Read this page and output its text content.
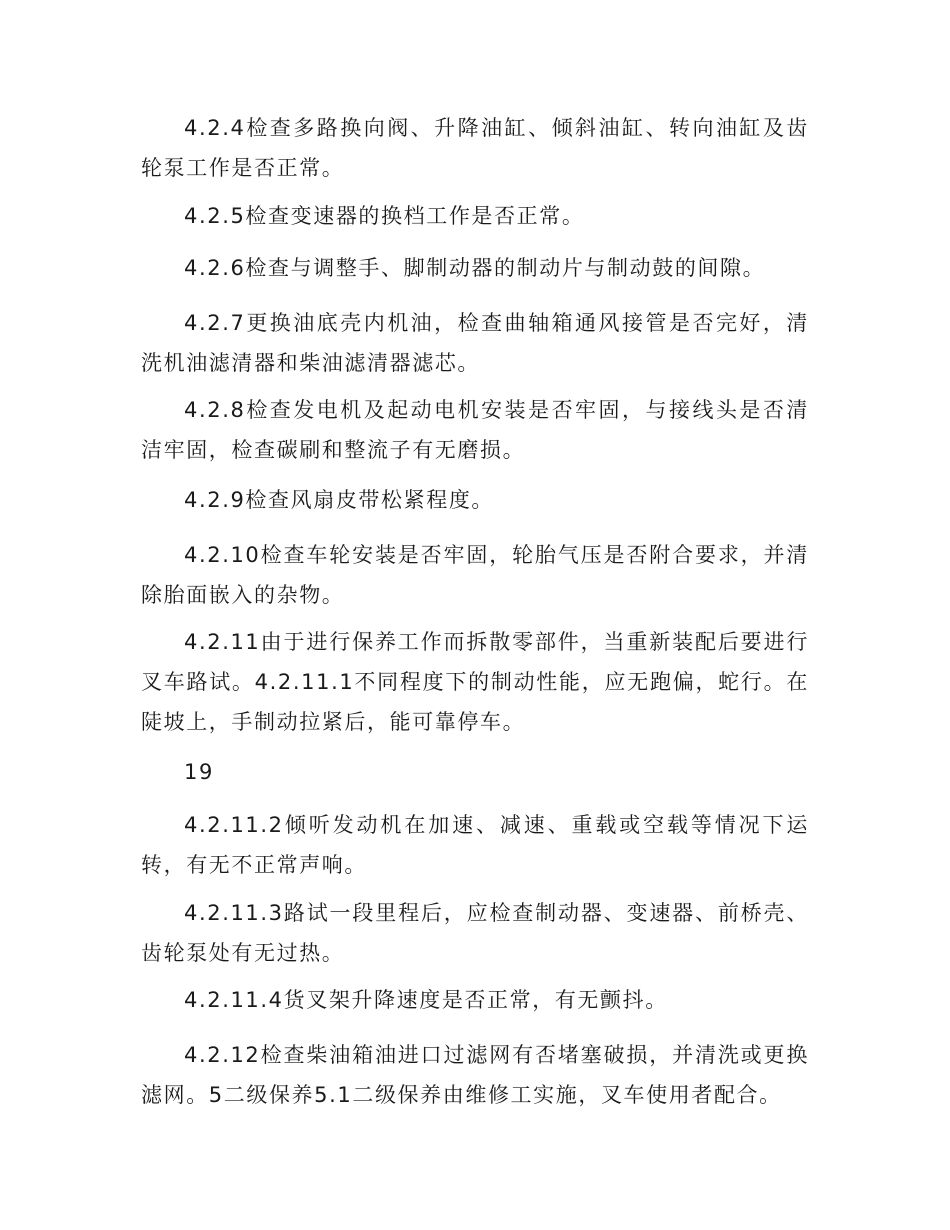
4.2.4检查多路换向阀、升降油缸、倾斜油缸、转向油缸及齿轮泵工作是否正常。

4.2.5检查变速器的换档工作是否正常。

4.2.6检查与调整手、脚制动器的制动片与制动鼓的间隙。

4.2.7更换油底壳内机油，检查曲轴箱通风接管是否完好，清洗机油滤清器和柴油滤清器滤芯。

4.2.8检查发电机及起动电机安装是否牢固，与接线头是否清洁牢固，检查碳刷和整流子有无磨损。

4.2.9检查风扇皮带松紧程度。

4.2.10检查车轮安装是否牢固，轮胎气压是否附合要求，并清除胎面嵌入的杂物。

4.2.11由于进行保养工作而拆散零部件，当重新装配后要进行叉车路试。4.2.11.1不同程度下的制动性能，应无跑偏，蛇行。在陡坡上，手制动拉紧后，能可靠停车。

19

4.2.11.2倾听发动机在加速、减速、重载或空载等情况下运转，有无不正常声响。

4.2.11.3路试一段里程后，应检查制动器、变速器、前桥壳、齿轮泵处有无过热。

4.2.11.4货叉架升降速度是否正常，有无颤抖。

4.2.12检查柴油箱油进口过滤网有否堵塞破损，并清洗或更换滤网。5二级保养5.1二级保养由维修工实施，叉车使用者配合。
